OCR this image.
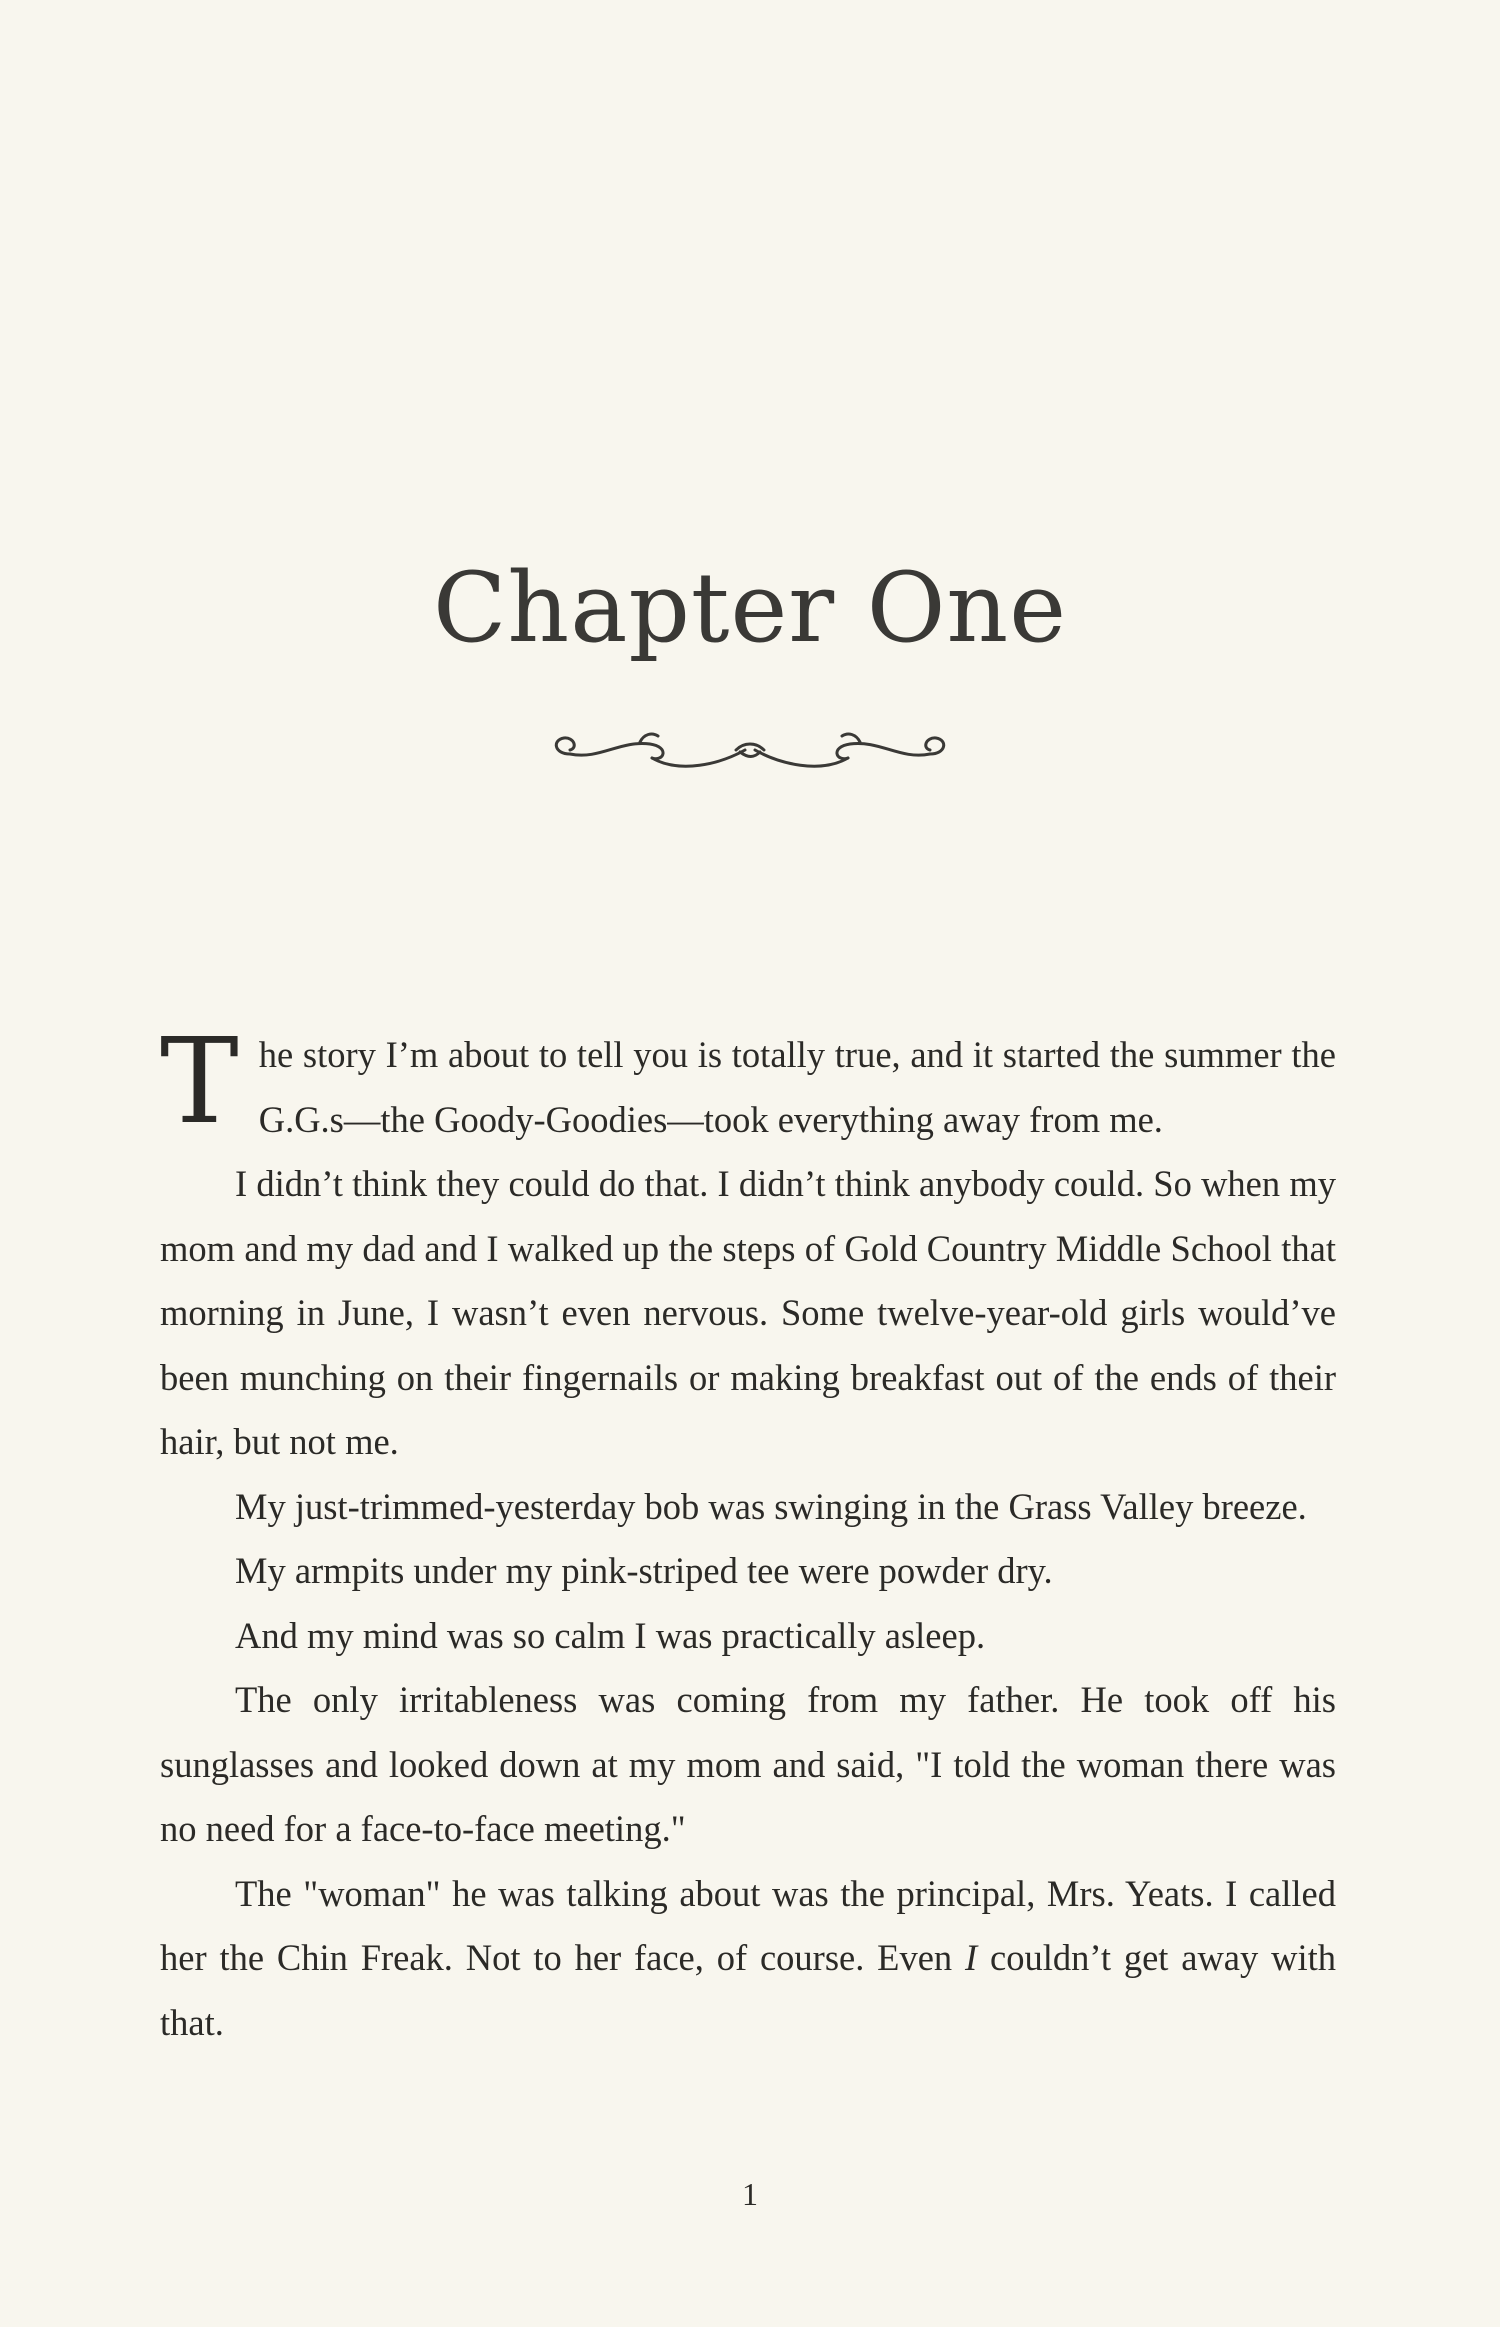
Chapter One

The story I’m about to tell you is totally true, and it started the summer the G.G.s—the Goody-Goodies—took everything away from me.

I didn’t think they could do that. I didn’t think anybody could. So when my mom and my dad and I walked up the steps of Gold Country Middle School that morning in June, I wasn’t even nervous. Some twelve-year-old girls would’ve been munching on their fingernails or making breakfast out of the ends of their hair, but not me.

My just-trimmed-yesterday bob was swinging in the Grass Valley breeze.

My armpits under my pink-striped tee were powder dry.

And my mind was so calm I was practically asleep.

The only irritableness was coming from my father. He took off his sunglasses and looked down at my mom and said, "I told the woman there was no need for a face-to-face meeting."

The "woman" he was talking about was the principal, Mrs. Yeats. I called her the Chin Freak. Not to her face, of course. Even I couldn’t get away with that.

1
